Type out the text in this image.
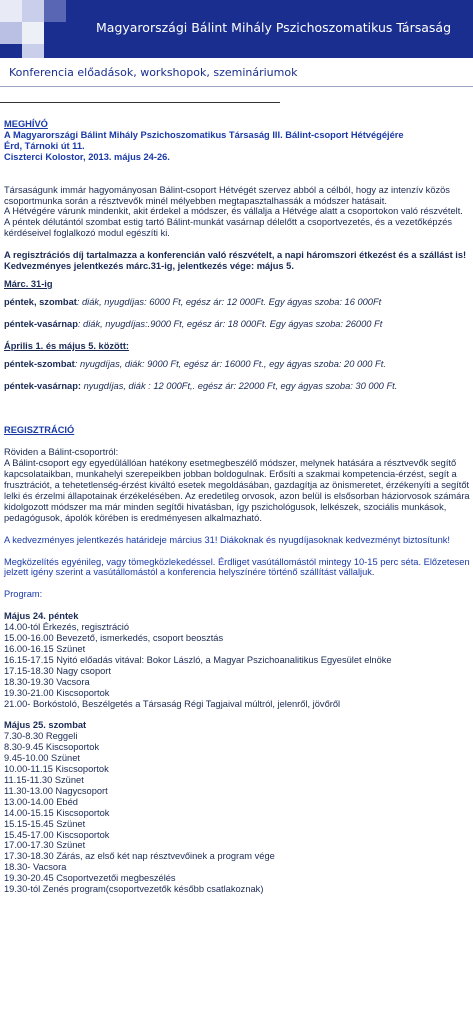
Magyarországi Bálint Mihály Pszichoszomatikus Társaság
Konferencia előadások, workshopok, szemináriumok

MEGHÍVÓ

A Magyarországi Bálint Mihály Pszichoszomatikus Társaság III. Bálint-csoport Hétvégéjére

Érd, Tárnoki út 11.

Ciszterci Kolostor, 2013. május 24-26.

Társaságunk immár hagyományosan Bálint-csoport Hétvégét szervez abból a célból, hogy az intenzív közös csoportmunka során a résztvevők minél mélyebben megtapasztalhassák a módszer hatásait.

A Hétvégére várunk mindenkit, akit érdekel a módszer, és vállalja a Hétvége alatt a csoportokon való részvételt.

A péntek délutántól szombat estig tartó Bálint-munkát vasárnap délelőtt a csoportvezetés, és a vezetőképzés kérdéseivel foglalkozó modul egészíti ki.

A regisztrációs díj tartalmazza a konferencián való részvételt, a napi háromszori étkezést és a szállást is!

Kedvezményes jelentkezés márc.31-ig, jelentkezés vége: május 5.

Márc. 31-ig

péntek, szombat: diák, nyugdíjas: 6000 Ft, egész ár: 12 000Ft. Egy ágyas szoba: 16 000Ft

péntek-vasárnap: diák, nyugdíjas:.9000 Ft, egész ár: 18 000Ft. Egy ágyas szoba: 26000 Ft

Április 1. és május 5. között:

péntek-szombat: nyugdíjas, diák: 9000 Ft, egész ár: 16000 Ft., egy ágyas szoba: 20 000 Ft.

péntek-vasárnap: nyugdíjas, diák : 12 000Ft,. egész ár: 22000 Ft, egy ágyas szoba: 30 000 Ft.

REGISZTRÁCIÓ

Röviden a Bálint-csoportról:

A Bálint-csoport egy egyedülálló​an hatékony esetmegbeszélő módszer, melynek hatására a résztvevők segítő kapcsolataikban, munkahelyi szerepeikben jobban boldogulnak. Erősíti a szakmai kompetencia-érzést, segít a frusztrációt, a tehetetlenség-érzést kiváltó esetek megoldásában, gazdagítja az önismeretet, érzékenyíti a segítőt lelki és érzelmi állapotainak érzékelésében. Az eredetileg orvosok, azon belül is elsősorban háziorvosok számára kidolgozott módszer ma már minden segítői hivatásban, így pszichológusok, lelkészek, szociális munkások, pedagógusok, ápolók körében is eredményesen alkalmazható.

A kedvezményes jelentkezés határideje március 31! Diákoknak és nyugdíjasoknak kedvezményt biztosítunk!

Megközelítés egyénileg, vagy tömegközlekedéssel. Érdliget vasútállomástól mintegy 10-15 perc séta. Előzetesen jelzett igény szerint a vasútállomástól a konferencia helyszínére történő szállítást vállaljuk.

Program:

Május 24. péntek

14.00-tól Érkezés, regisztráció

15.00-16.00 Bevezető, ismerkedés, csoport beosztás

16.00-16.15 Szünet

16.15-17.15 Nyitó előadás vitával: Bokor László, a Magyar Pszichoanalitikus Egyesület elnöke

17.15-18.30 Nagy csoport

18.30-19.30 Vacsora

19.30-21.00 Kiscsoportok

21.00- Borkóstoló, Beszélgetés a Társaság Régi Tagjaival múltról, jelenről, jövőről

Május 25. szombat

7.30-8.30 Reggeli

8.30-9.45 Kiscsoportok

9.45-10.00 Szünet

10.00-11.15 Kiscsoportok

11.15-11.30 Szünet

11.30-13.00 Nagycsoport

13.00-14.00 Ebéd

14.00-15.15 Kiscsoportok

15.15-15.45 Szünet

15.45-17.00 Kiscsoportok

17.00-17.30 Szünet

17.30-18.30 Zárás, az első két nap résztvevőinek a program vége

18.30- Vacsora

19.30-20.45 Csoportvezetői megbeszélés

19.30-tól Zenés program(csoportvezetők később csatlakoznak)
